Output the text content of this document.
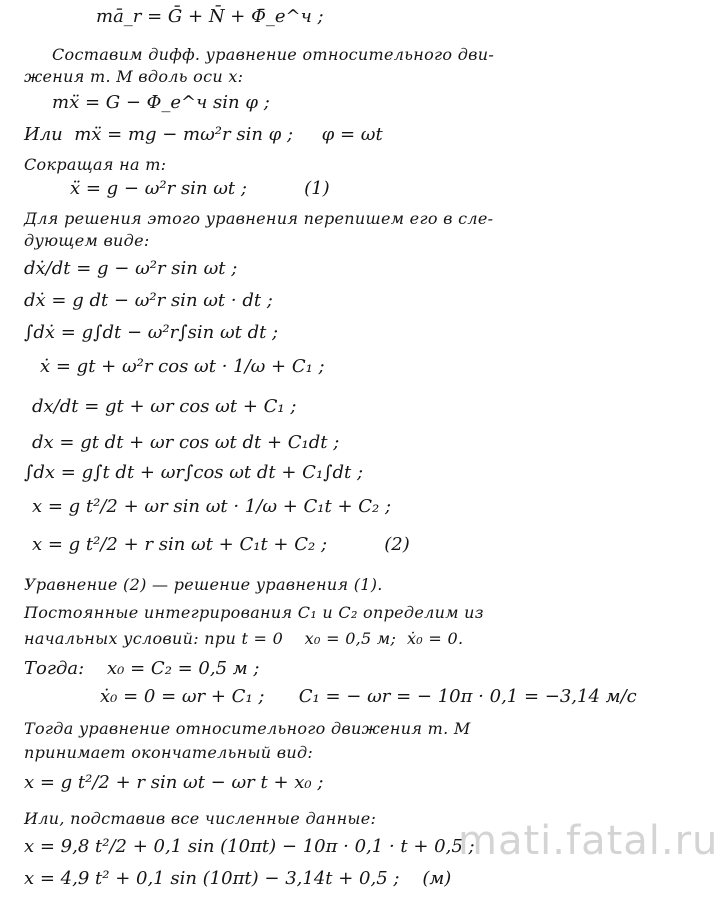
mā_r = Ḡ + N̄ + Φ̄_e^ч ;
Составим дифф. уравнение относительного дви-
жения т. М вдоль оси x:
mẍ = G − Φ_e^ч sin φ ;
Или  mẍ = mg − mω²r sin φ ;     φ = ωt
Сокращая на m:
ẍ = g − ω²r sin ωt ;          (1)
Для решения этого уравнения перепишем его в сле-
дующем виде:
dẋ/dt = g − ω²r sin ωt ;
dẋ = g dt − ω²r sin ωt · dt ;
∫dẋ = g∫dt − ω²r∫sin ωt dt ;
ẋ = gt + ω²r cos ωt · 1/ω + C₁ ;
dx/dt = gt + ωr cos ωt + C₁ ;
dx = gt dt + ωr cos ωt dt + C₁dt ;
∫dx = g∫t dt + ωr∫cos ωt dt + C₁∫dt ;
x = g t²/2 + ωr sin ωt · 1/ω + C₁t + C₂ ;
x = g t²/2 + r sin ωt + C₁t + C₂ ;          (2)
Уравнение (2) — решение уравнения (1).
Постоянные интегрирования C₁ и C₂ определим из
начальных условий: при t = 0    x₀ = 0,5 м;  ẋ₀ = 0.
Тогда:    x₀ = C₂ = 0,5 м ;
ẋ₀ = 0 = ωr + C₁ ;      C₁ = − ωr = − 10π · 0,1 = −3,14 м/с
Тогда уравнение относительного движения т. М
принимает окончательный вид:
x = g t²/2 + r sin ωt − ωr t + x₀ ;
Или, подставив все численные данные:
x = 9,8 t²/2 + 0,1 sin (10πt) − 10π · 0,1 · t + 0,5 ;
x = 4,9 t² + 0,1 sin (10πt) − 3,14t + 0,5 ;    (м)
mati.fatal.ru
